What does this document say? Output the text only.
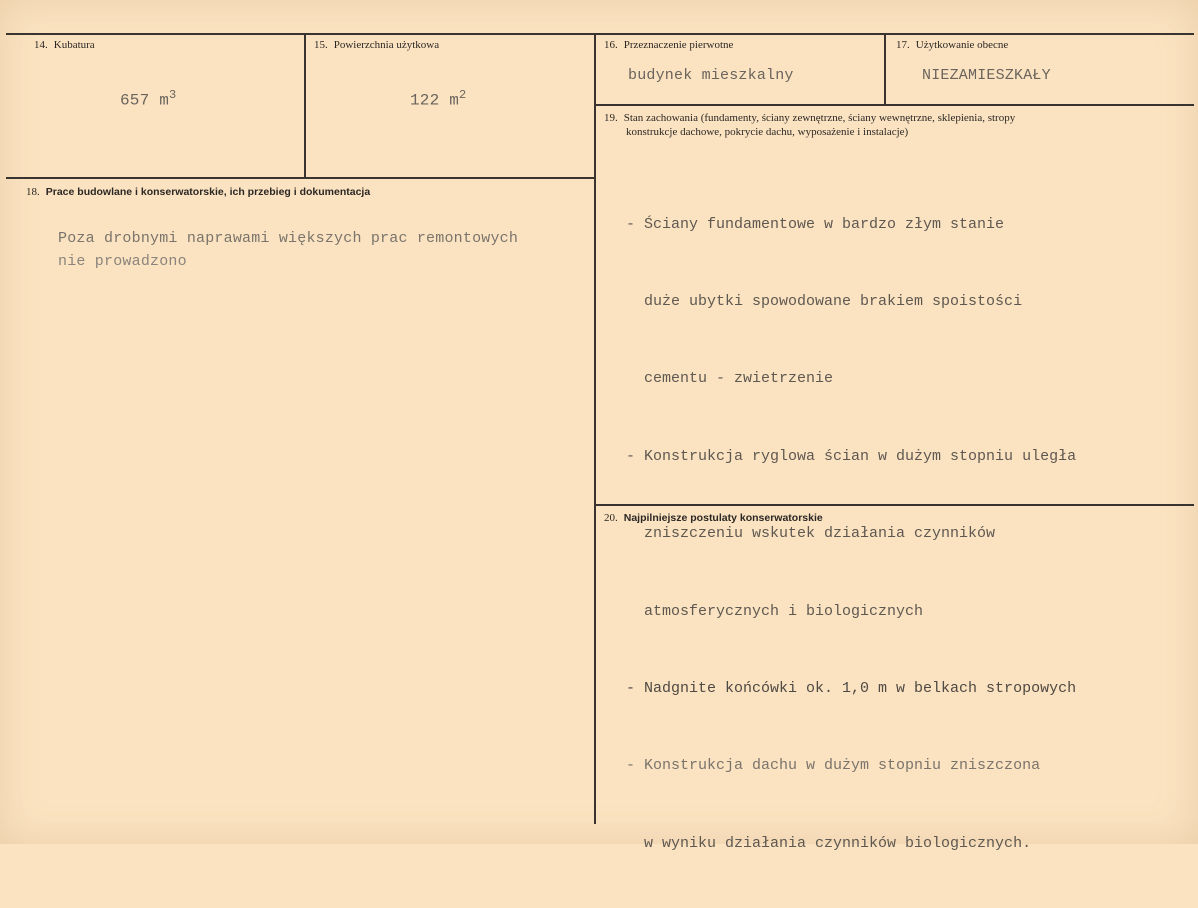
14. Kubatura
657 $m^3$
15. Powierzchnia użytkowa
122 $m^2$
16. Przeznaczenie pierwotne
budynek mieszkalny
17. Użytkowanie obecne
NIEZAMIESZKAŁY
18. Prace budowlane i konserwatorskie, ich przebieg i dokumentacja
Poza drobnymi naprawami większych prac remontowych
nie prowadzono
19. Stan zachowania (fundamenty, ściany zewnętrzne, ściany wewnętrzne, sklepienia, stropy
konstrukcje dachowe, pokrycie dachu, wyposażenie i instalacje)

- Ściany fundamentowe w bardzo złym stanie

duże ubytki spowodowane brakiem spoistości

cementu - zwietrzenie

- Konstrukcja ryglowa ścian w dużym stopniu uległa

zniszczeniu wskutek działania czynników

atmosferycznych i biologicznych

- Nadgnite końcówki ok. 1,0 m w belkach stropowych

- Konstrukcja dachu w dużym stopniu zniszczona

w wyniku działania czynników biologicznych.

20. Najpilniejsze postulaty konserwatorskie
